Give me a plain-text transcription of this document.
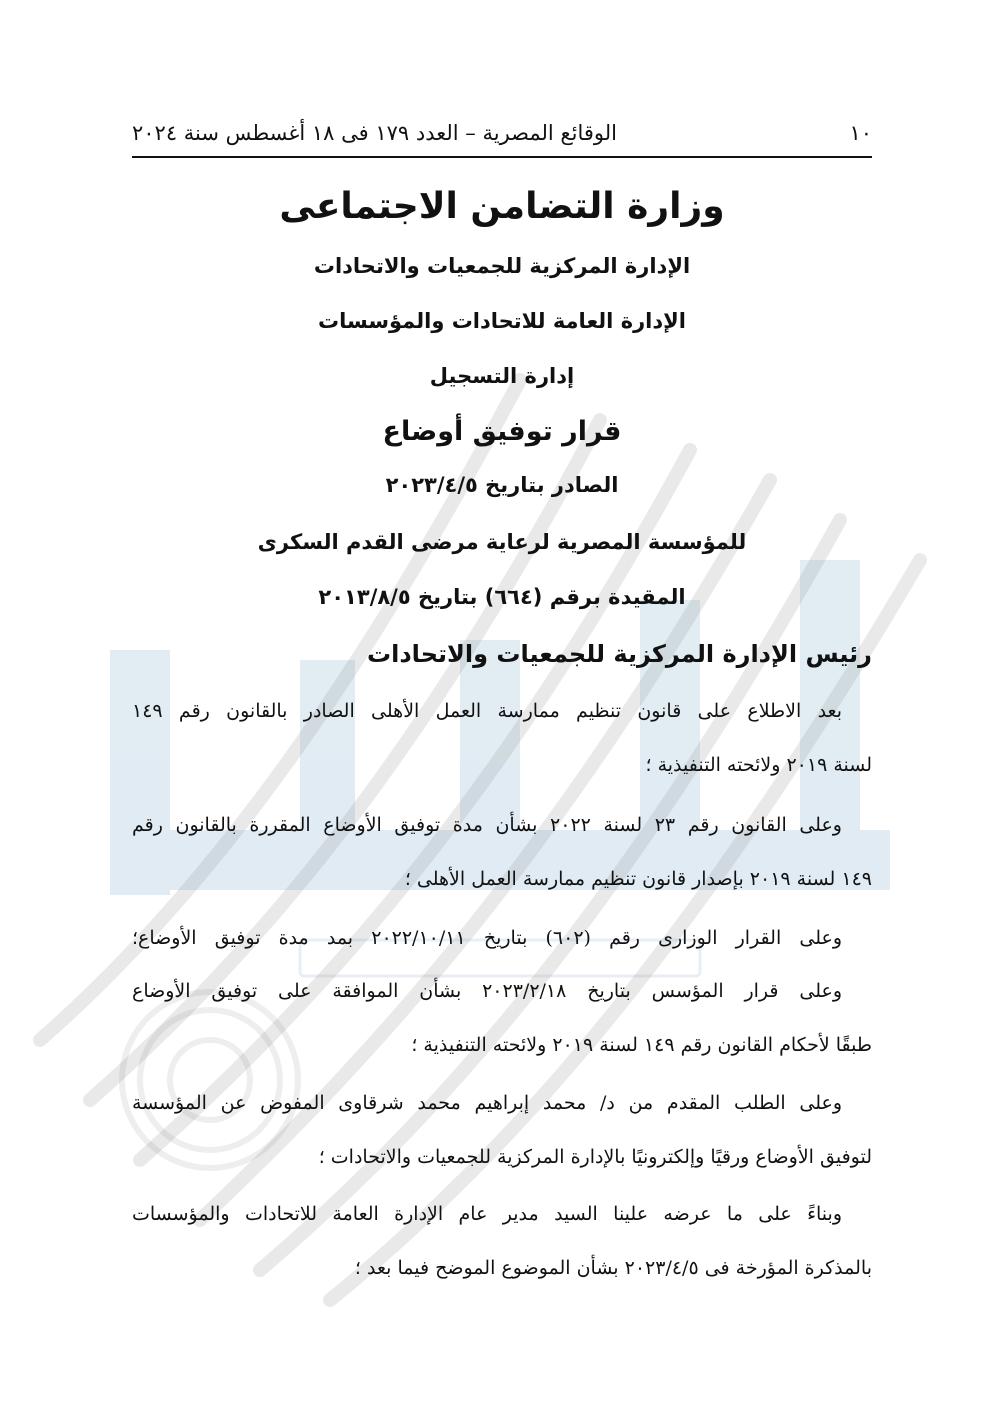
١٠
الوقائع المصرية – العدد ١٧٩ فى ١٨ أغسطس سنة ٢٠٢٤
وزارة التضامن الاجتماعى
الإدارة المركزية للجمعيات والاتحادات
الإدارة العامة للاتحادات والمؤسسات
إدارة التسجيل
قرار توفيق أوضاع
الصادر بتاريخ ٢٠٢٣/٤/٥
للمؤسسة المصرية لرعاية مرضى القدم السكرى
المقيدة برقم (٦٦٤) بتاريخ ٢٠١٣/٨/٥
رئيس الإدارة المركزية للجمعيات والاتحادات
بعد الاطلاع على قانون تنظيم ممارسة العمل الأهلى الصادر بالقانون رقم ١٤٩
لسنة ٢٠١٩ ولائحته التنفيذية ؛
وعلى القانون رقم ٢٣ لسنة ٢٠٢٢ بشأن مدة توفيق الأوضاع المقررة بالقانون رقم
١٤٩ لسنة ٢٠١٩ بإصدار قانون تنظيم ممارسة العمل الأهلى ؛
وعلى القرار الوزارى رقم (٦٠٢) بتاريخ ٢٠٢٢/١٠/١١ بمد مدة توفيق الأوضاع؛
وعلى قرار المؤسس بتاريخ ٢٠٢٣/٢/١٨ بشأن الموافقة على توفيق الأوضاع
طبقًا لأحكام القانون رقم ١٤٩ لسنة ٢٠١٩ ولائحته التنفيذية ؛
وعلى الطلب المقدم من د/ محمد إبراهيم محمد شرقاوى المفوض عن المؤسسة
لتوفيق الأوضاع ورقيًا وإلكترونيًا بالإدارة المركزية للجمعيات والاتحادات ؛
وبناءً على ما عرضه علينا السيد مدير عام الإدارة العامة للاتحادات والمؤسسات
بالمذكرة المؤرخة فى ٢٠٢٣/٤/٥ بشأن الموضوع الموضح فيما بعد ؛
